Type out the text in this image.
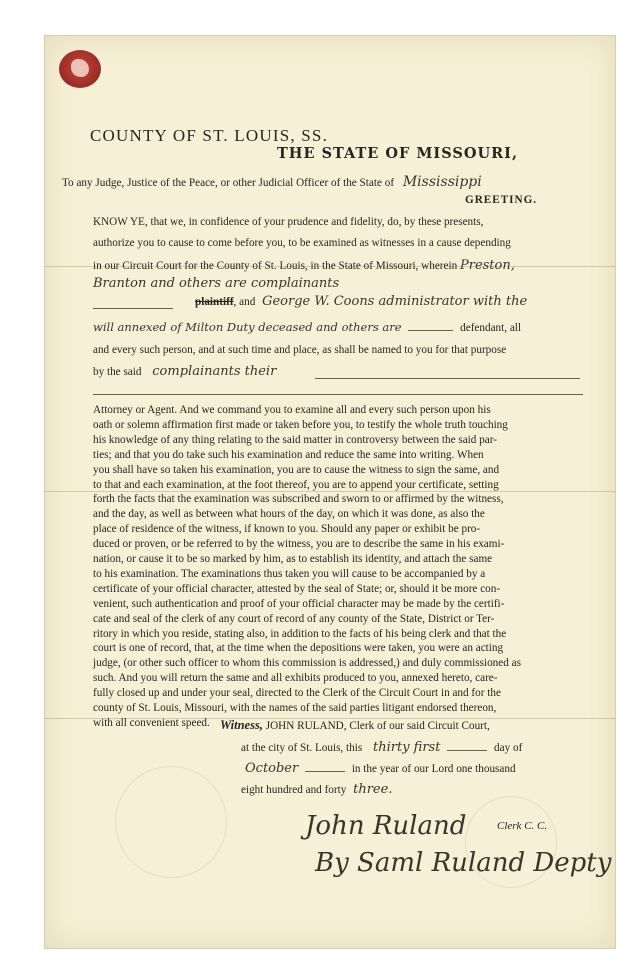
COUNTY OF ST. LOUIS, SS.
THE STATE OF MISSOURI,
To any Judge, Justice of the Peace, or other Judicial Officer of the State of Mississippi
GREETING.
KNOW YE, that we, in confidence of your prudence and fidelity, do, by these presents,
authorize you to cause to come before you, to be examined as witnesses in a cause depending
in our Circuit Court for the County of St. Louis, in the State of Missouri, wherein Preston,
Branton and others are complainants
plaintiff, and George W. Coons administrator with the
will annexed of Milton Duty deceased and others are	defendant, all
and every such person, and at such time and place, as shall be named to you for that purpose
by the said complainants their
Attorney or Agent. And we command you to examine all and every such person upon his
oath or solemn affirmation first made or taken before you, to testify the whole truth touching
his knowledge of any thing relating to the said matter in controversy between the said par-
ties; and that you do take such his examination and reduce the same into writing. When
you shall have so taken his examination, you are to cause the witness to sign the same, and
to that and each examination, at the foot thereof, you are to append your certificate, setting
forth the facts that the examination was subscribed and sworn to or affirmed by the witness,
and the day, as well as between what hours of the day, on which it was done, as also the
place of residence of the witness, if known to you. Should any paper or exhibit be pro-
duced or proven, or be referred to by the witness, you are to describe the same in his exami-
nation, or cause it to be so marked by him, as to establish its identity, and attach the same
to his examination. The examinations thus taken you will cause to be accompanied by a
certificate of your official character, attested by the seal of State; or, should it be more con-
venient, such authentication and proof of your official character may be made by the certifi-
cate and seal of the clerk of any court of record of any county of the State, District or Ter-
ritory in which you reside, stating also, in addition to the facts of his being clerk and that the
court is one of record, that, at the time when the depositions were taken, you were an acting
judge, (or other such officer to whom this commission is addressed,) and duly commissioned as
such. And you will return the same and all exhibits produced to you, annexed hereto, care-
fully closed up and under your seal, directed to the Clerk of the Circuit Court in and for the
county of St. Louis, Missouri, with the names of the said parties litigant endorsed thereon,
with all convenient speed. Witness, JOHN RULAND, Clerk of our said Circuit Court,
at the city of St. Louis, this thirty first	day of
October	in the year of our Lord one thousand
eight hundred and forty three.
John Ruland	Clerk C. C.
By Saml Ruland Depty
